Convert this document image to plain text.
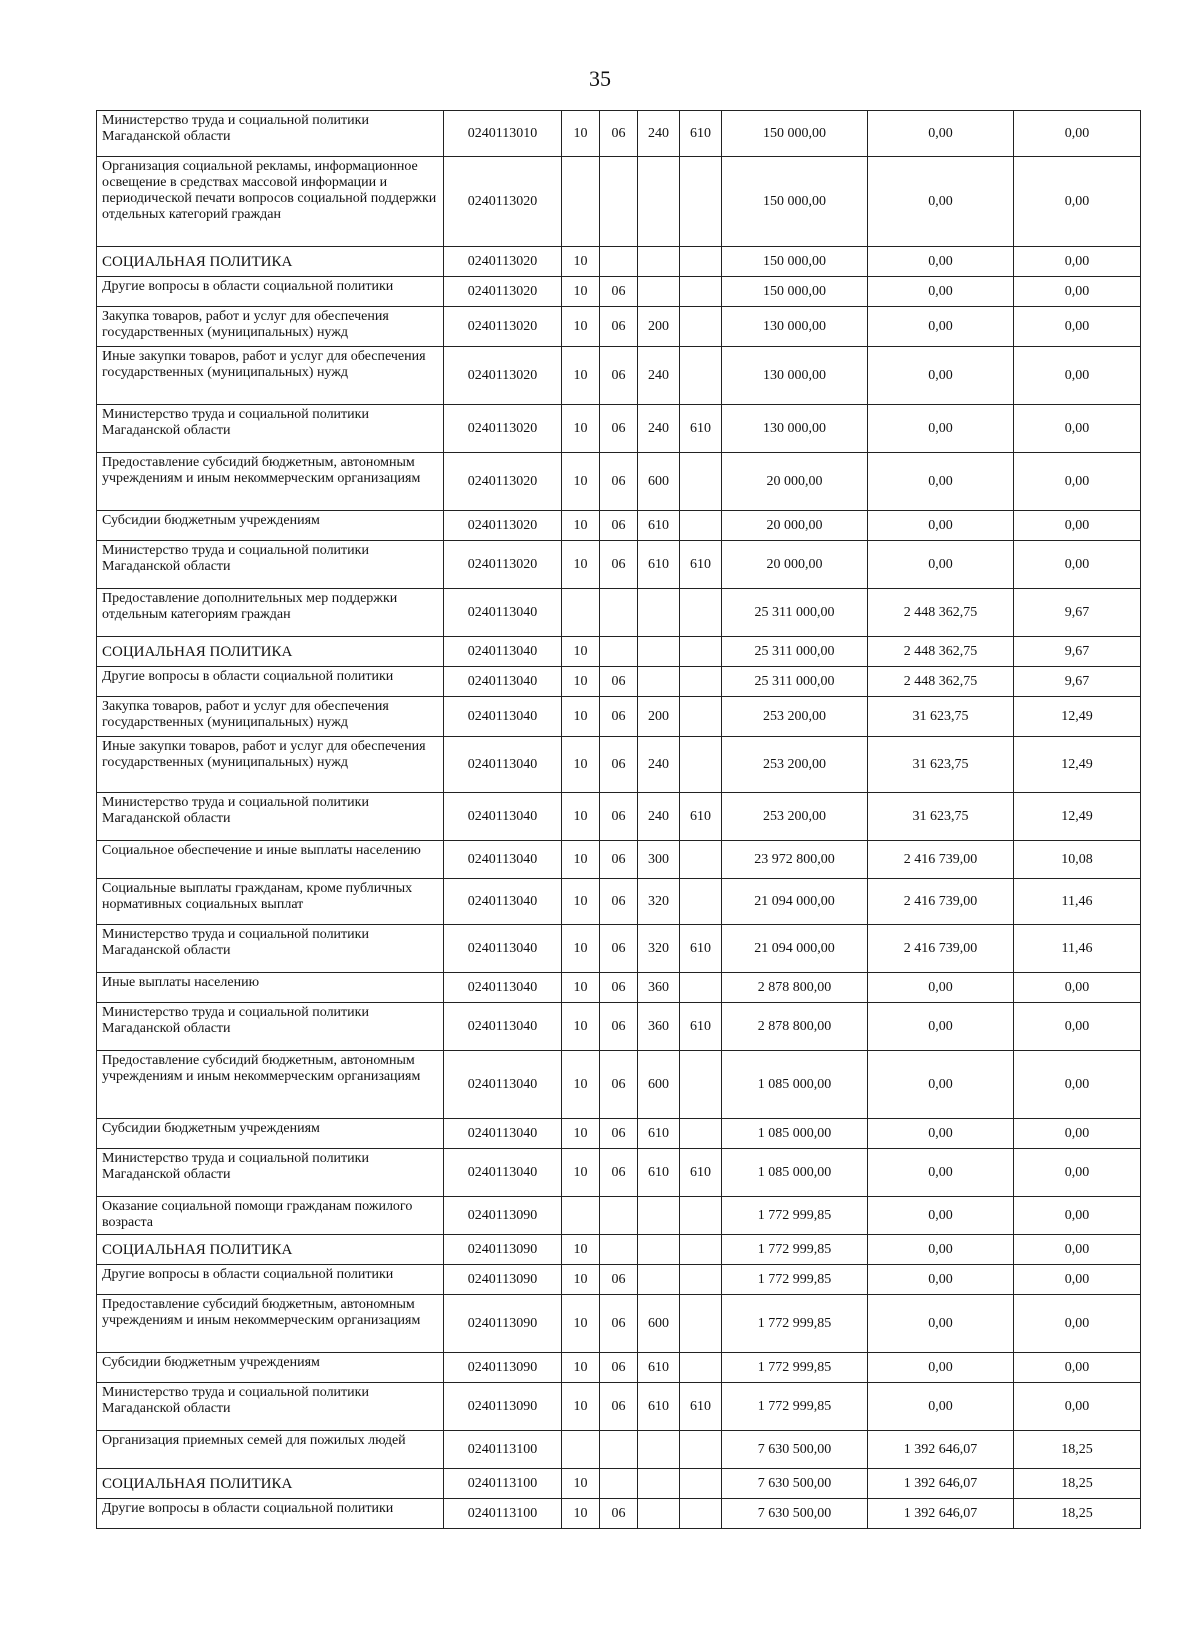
35
Министерство труда и социальной политики Магаданской области	0240113010	10	06	240	610	150 000,00	0,00	0,00
Организация социальной рекламы, информационное освещение в средствах массовой информации и периодической печати вопросов социальной поддержки отдельных категорий граждан	0240113020					150 000,00	0,00	0,00
СОЦИАЛЬНАЯ ПОЛИТИКА	0240113020	10				150 000,00	0,00	0,00
Другие вопросы в области социальной политики	0240113020	10	06			150 000,00	0,00	0,00
Закупка товаров, работ и услуг для обеспечения государственных (муниципальных) нужд	0240113020	10	06	200		130 000,00	0,00	0,00
Иные закупки товаров, работ и услуг для обеспечения государственных (муниципальных) нужд	0240113020	10	06	240		130 000,00	0,00	0,00
Министерство труда и социальной политики Магаданской области	0240113020	10	06	240	610	130 000,00	0,00	0,00
Предоставление субсидий бюджетным, автономным учреждениям и иным некоммерческим организациям	0240113020	10	06	600		20 000,00	0,00	0,00
Субсидии бюджетным учреждениям	0240113020	10	06	610		20 000,00	0,00	0,00
Министерство труда и социальной политики Магаданской области	0240113020	10	06	610	610	20 000,00	0,00	0,00
Предоставление дополнительных мер поддержки отдельным категориям граждан	0240113040					25 311 000,00	2 448 362,75	9,67
СОЦИАЛЬНАЯ ПОЛИТИКА	0240113040	10				25 311 000,00	2 448 362,75	9,67
Другие вопросы в области социальной политики	0240113040	10	06			25 311 000,00	2 448 362,75	9,67
Закупка товаров, работ и услуг для обеспечения государственных (муниципальных) нужд	0240113040	10	06	200		253 200,00	31 623,75	12,49
Иные закупки товаров, работ и услуг для обеспечения государственных (муниципальных) нужд	0240113040	10	06	240		253 200,00	31 623,75	12,49
Министерство труда и социальной политики Магаданской области	0240113040	10	06	240	610	253 200,00	31 623,75	12,49
Социальное обеспечение и иные выплаты населению	0240113040	10	06	300		23 972 800,00	2 416 739,00	10,08
Социальные выплаты гражданам, кроме публичных нормативных социальных выплат	0240113040	10	06	320		21 094 000,00	2 416 739,00	11,46
Министерство труда и социальной политики Магаданской области	0240113040	10	06	320	610	21 094 000,00	2 416 739,00	11,46
Иные выплаты населению	0240113040	10	06	360		2 878 800,00	0,00	0,00
Министерство труда и социальной политики Магаданской области	0240113040	10	06	360	610	2 878 800,00	0,00	0,00
Предоставление субсидий бюджетным, автономным учреждениям и иным некоммерческим организациям	0240113040	10	06	600		1 085 000,00	0,00	0,00
Субсидии бюджетным учреждениям	0240113040	10	06	610		1 085 000,00	0,00	0,00
Министерство труда и социальной политики Магаданской области	0240113040	10	06	610	610	1 085 000,00	0,00	0,00
Оказание социальной помощи гражданам пожилого возраста	0240113090					1 772 999,85	0,00	0,00
СОЦИАЛЬНАЯ ПОЛИТИКА	0240113090	10				1 772 999,85	0,00	0,00
Другие вопросы в области социальной политики	0240113090	10	06			1 772 999,85	0,00	0,00
Предоставление субсидий бюджетным, автономным учреждениям и иным некоммерческим организациям	0240113090	10	06	600		1 772 999,85	0,00	0,00
Субсидии бюджетным учреждениям	0240113090	10	06	610		1 772 999,85	0,00	0,00
Министерство труда и социальной политики Магаданской области	0240113090	10	06	610	610	1 772 999,85	0,00	0,00
Организация приемных семей для пожилых людей	0240113100					7 630 500,00	1 392 646,07	18,25
СОЦИАЛЬНАЯ ПОЛИТИКА	0240113100	10				7 630 500,00	1 392 646,07	18,25
Другие вопросы в области социальной политики	0240113100	10	06			7 630 500,00	1 392 646,07	18,25
